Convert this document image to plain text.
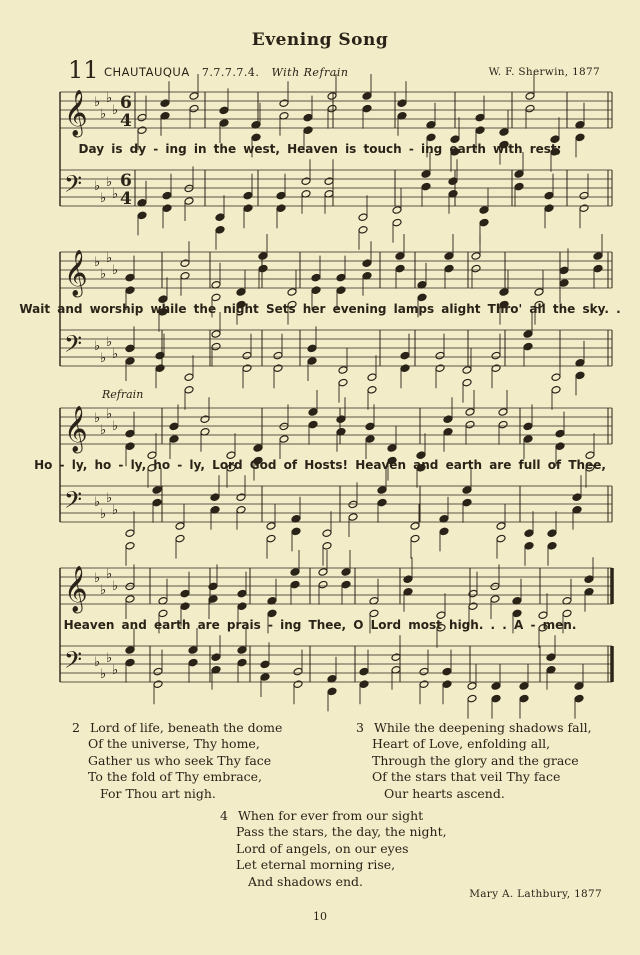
Evening Song
11 CHAUTAUQUA 7.7.7.7.4. With Refrain	W. F. Sherwin, 1877
𝄞 ♭
♭
♭
♭ 6
4
𝄢 ♭
♭
♭
♭
6
4
𝄞 ♭
♭
♭
♭
𝄢 ♭
♭
♭
♭
𝄞 ♭
♭
♭
♭
𝄢 ♭
♭
♭
♭
𝄞 ♭
♭
♭
♭
𝄢 ♭
♭
♭
♭
Refrain
Day is dy - ing in the west, Heaven is touch - ing earth with rest;
Wait and worship while the night Sets her evening lamps alight Thro' all the sky. .
Ho - ly, ho - ly, ho - ly, Lord God of Hosts! Heaven and earth are full of Thee,
Heaven and earth are prais - ing Thee, O Lord most high. . . A - men.
2 Lord of life, beneath the dome
Of the universe, Thy home,
Gather us who seek Thy face
To the fold of Thy embrace,
For Thou art nigh.
3 While the deepening shadows fall,
Heart of Love, enfolding all,
Through the glory and the grace
Of the stars that veil Thy face
Our hearts ascend.
4 When for ever from our sight
Pass the stars, the day, the night,
Lord of angels, on our eyes
Let eternal morning rise,
And shadows end.
Mary A. Lathbury, 1877
10
